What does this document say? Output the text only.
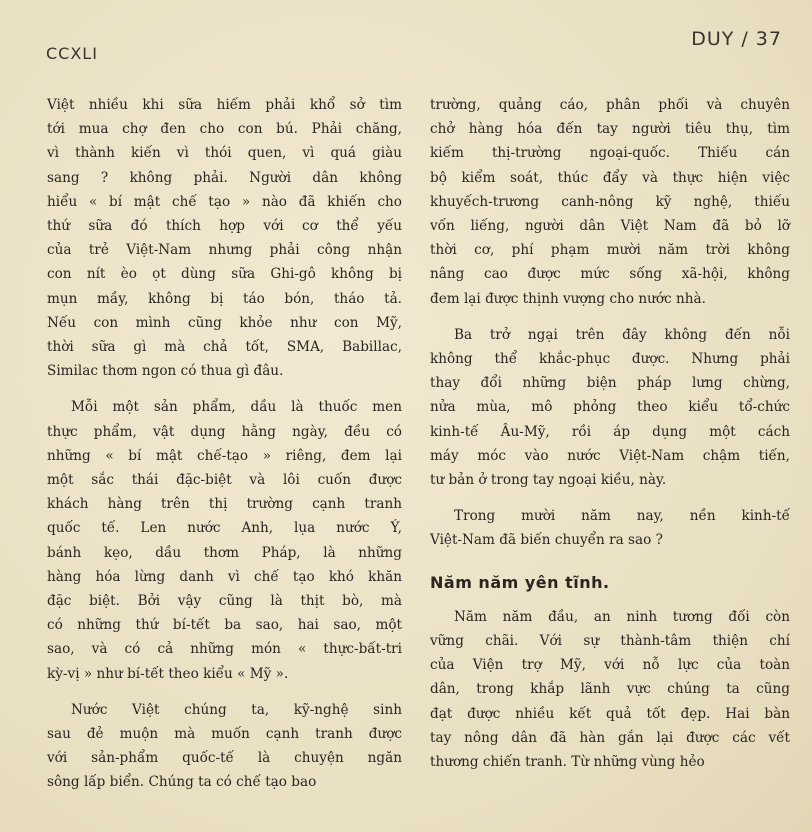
CCXLI
DUY / 37

Việt nhiều khi sữa hiếm phải khổ sở tìm
tới mua chợ đen cho con bú. Phải chăng,
vì thành kiến vì thói quen, vì quá giàu
sang ? không phải. Người dân không
hiểu « bí mật chế tạo » nào đã khiến cho
thứ sữa đó thích hợp với cơ thể yếu
của trẻ Việt-Nam nhưng phải công nhận
con nít èo ọt dùng sữa Ghi-gô không bị
mụn mầy, không bị táo bón, tháo tả.
Nếu con mình cũng khỏe như con Mỹ,
thời sữa gì mà chả tốt, SMA, Babillac,
Similac thơm ngon có thua gì đâu.

Mỗi một sản phẩm, dầu là thuốc men
thực phẩm, vật dụng hằng ngày, đều có
những « bí mật chế-tạo » riêng, đem lại
một sắc thái đặc-biệt và lôi cuốn được
khách hàng trên thị trường cạnh tranh
quốc tế. Len nước Anh, lụa nước Ý,
bánh kẹo, dầu thơm Pháp, là những
hàng hóa lừng danh vì chế tạo khó khăn
đặc biệt. Bởi vậy cũng là thịt bò, mà
có những thứ bí-tết ba sao, hai sao, một
sao, và có cả những món « thực-bất-tri
kỳ-vị » như bí-tết theo kiểu « Mỹ ».

Nước Việt chúng ta, kỹ-nghệ sinh
sau đẻ muộn mà muốn cạnh tranh được
với sản-phẩm quốc-tế là chuyện ngăn
sông lấp biển. Chúng ta có chế tạo bao

trường, quảng cáo, phân phối và chuyên
chở hàng hóa đến tay người tiêu thụ, tìm
kiếm thị-trường ngoại-quốc. Thiếu cán
bộ kiểm soát, thúc đẩy và thực hiện việc
khuyếch-trương canh-nông kỹ nghệ, thiếu
vốn liếng, người dân Việt Nam đã bỏ lỡ
thời cơ, phí phạm mười năm trời không
nâng cao được mức sống xã-hội, không
đem lại được thịnh vượng cho nước nhà.

Ba trở ngại trên đây không đến nỗi
không thể khắc-phục được. Nhưng phải
thay đổi những biện pháp lưng chừng,
nửa mùa, mô phỏng theo kiểu tổ-chức
kinh-tế Âu-Mỹ, rồi áp dụng một cách
máy móc vào nước Việt-Nam chậm tiến,
tư bản ở trong tay ngoại kiều, này.

Trong mười năm nay, nền kinh-tế
Việt-Nam đã biến chuyển ra sao ?

Năm năm yên tĩnh.

Năm năm đầu, an ninh tương đối còn
vững chãi. Với sự thành-tâm thiện chí
của Viện trợ Mỹ, với nỗ lực của toàn
dân, trong khắp lãnh vực chúng ta cũng
đạt được nhiều kết quả tốt đẹp. Hai bàn
tay nông dân đã hàn gắn lại được các vết
thương chiến tranh. Từ những vùng hẻo
